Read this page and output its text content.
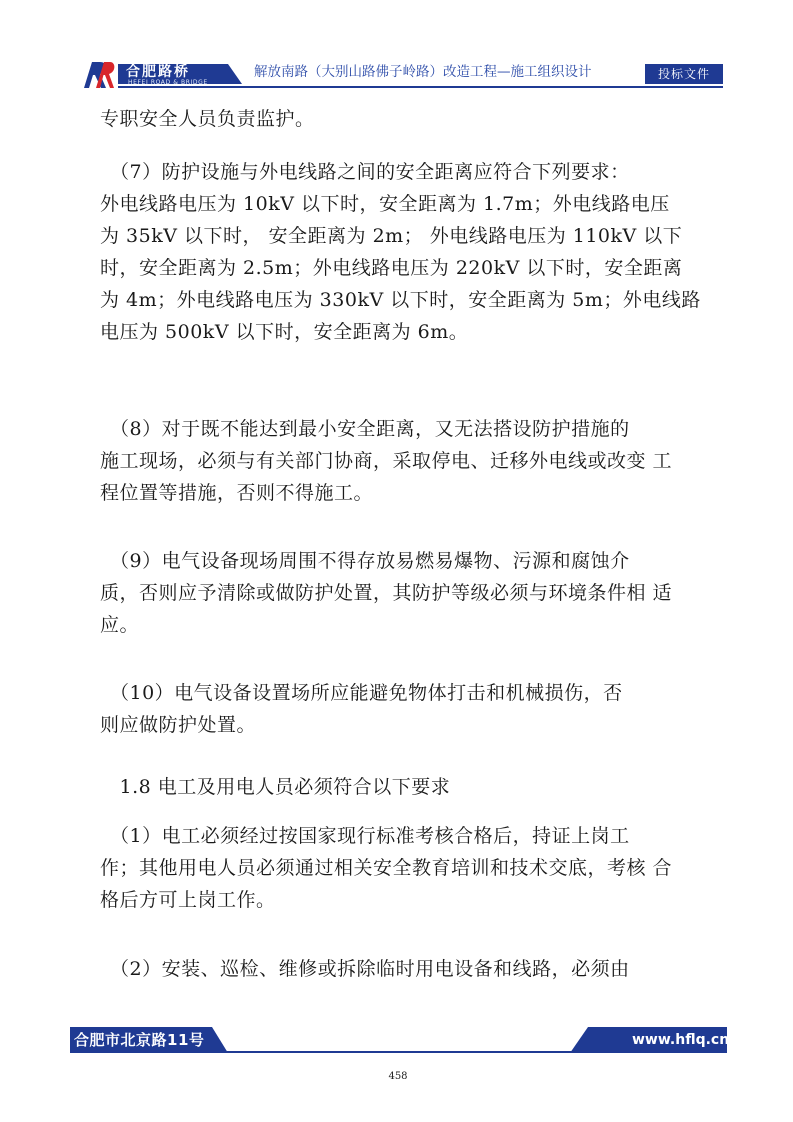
合肥路桥
HEFEI ROAD & BRIDGE
解放南路（大别山路佛子岭路）改造工程—施工组织设计	投标文件
专职安全人员负责监护。
　（7）防护设施与外电线路之间的安全距离应符合下列要求：
外电线路电压为 10kV 以下时，安全距离为 1.7m；外电线路电压
为 35kV 以下时， 安全距离为 2m； 外电线路电压为 110kV 以下
时，安全距离为 2.5m；外电线路电压为 220kV 以下时，安全距离
为 4m；外电线路电压为 330kV 以下时，安全距离为 5m；外电线路
电压为 500kV 以下时，安全距离为 6m。
　（8）对于既不能达到最小安全距离，又无法搭设防护措施的
施工现场，必须与有关部门协商，采取停电、迁移外电线或改变 工
程位置等措施，否则不得施工。
　（9）电气设备现场周围不得存放易燃易爆物、污源和腐蚀介
质，否则应予清除或做防护处置，其防护等级必须与环境条件相 适
应。
　（10）电气设备设置场所应能避免物体打击和机械损伤，否
则应做防护处置。
　1.8 电工及用电人员必须符合以下要求
　（1）电工必须经过按国家现行标准考核合格后，持证上岗工
作；其他用电人员必须通过相关安全教育培训和技术交底，考核 合
格后方可上岗工作。
　（2）安装、巡检、维修或拆除临时用电设备和线路，必须由
合肥市北京路11号	www.hflq.cn
458
